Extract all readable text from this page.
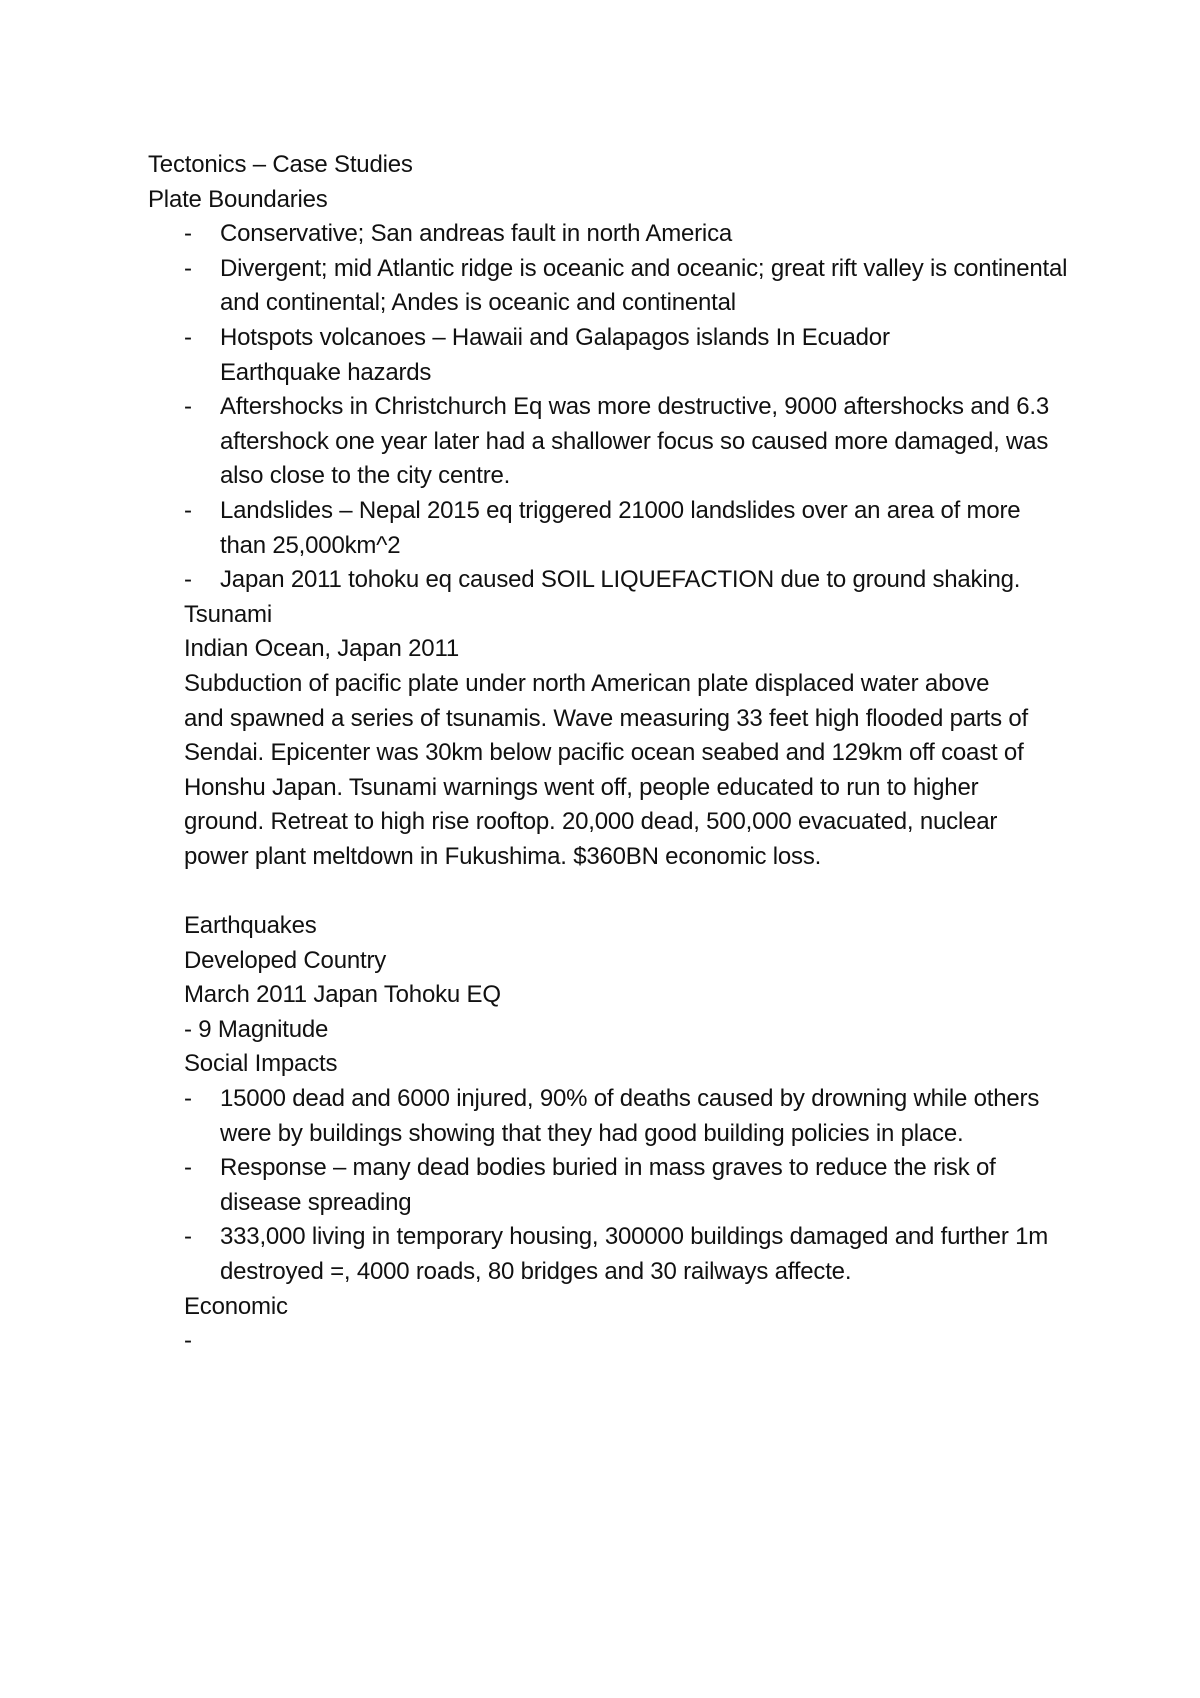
Tectonics – Case Studies

Plate Boundaries

- Conservative; San andreas fault in north America
- Divergent; mid Atlantic ridge is oceanic and oceanic; great rift valley is continental and continental; Andes is oceanic and continental
- Hotspots volcanoes – Hawaii and Galapagos islands In Ecuador

Earthquake hazards

- Aftershocks in Christchurch Eq was more destructive, 9000 aftershocks and 6.3 aftershock one year later had a shallower focus so caused more damaged, was also close to the city centre.
- Landslides – Nepal 2015 eq triggered 21000 landslides over an area of more than 25,000km^2
- Japan 2011 tohoku eq caused SOIL LIQUEFACTION due to ground shaking.

Tsunami

Indian Ocean, Japan 2011

Subduction of pacific plate under north American plate displaced water above and spawned a series of tsunamis. Wave measuring 33 feet high flooded parts of Sendai. Epicenter was 30km below pacific ocean seabed and 129km off coast of Honshu Japan. Tsunami warnings went off, people educated to run to higher ground. Retreat to high rise rooftop. 20,000 dead, 500,000 evacuated, nuclear power plant meltdown in Fukushima. $360BN economic loss.

Earthquakes

Developed Country

March 2011 Japan Tohoku EQ

- 9 Magnitude

Social Impacts

- 15000 dead and 6000 injured, 90% of deaths caused by drowning while others were by buildings showing that they had good building policies in place.
- Response – many dead bodies buried in mass graves to reduce the risk of disease spreading
- 333,000 living in temporary housing, 300000 buildings damaged and further 1m destroyed =, 4000 roads, 80 bridges and 30 railways affecte.

Economic

-
